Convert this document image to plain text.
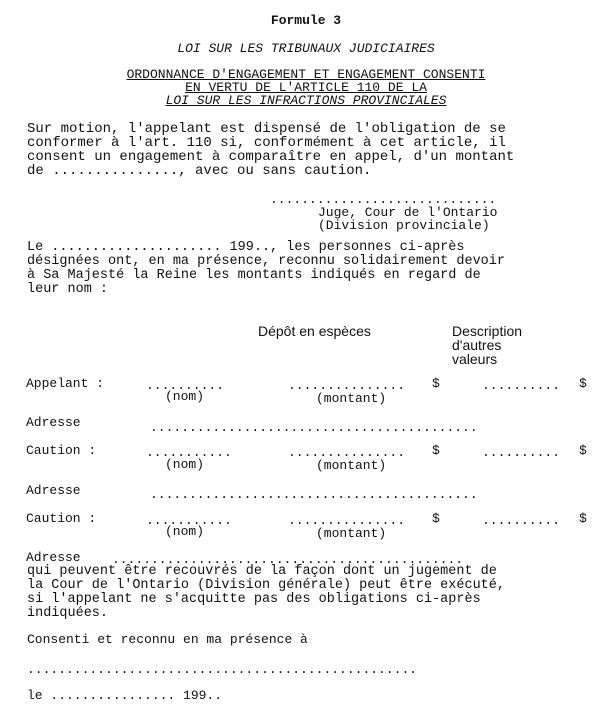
Formule 3
LOI SUR LES TRIBUNAUX JUDICIAIRES
ORDONNANCE D'ENGAGEMENT ET ENGAGEMENT CONSENTI
EN VERTU DE L'ARTICLE 110 DE LA
LOI SUR LES INFRACTIONS PROVINCIALES
Sur motion, l'appelant est dispensé de l'obligation de se
conformer à l'art. 110 si, conformément à cet article, il
consent un engagement à comparaître en appel, d'un montant
de ..............., avec ou sans caution.
.............................
Juge, Cour de l'Ontario
(Division provinciale)
Le ..................... 199.., les personnes ci-après
désignées ont, en ma présence, reconnu solidairement devoir
à Sa Majesté la Reine les montants indiqués en regard de
leur nom :
Dépôt en espèces	Description
d'autres
valeurs
Appelant :	..........	............... $	.......... $
(nom)	(montant)
Adresse	..........................................
Caution :	...........	............... $	.......... $
(nom)	(montant)
Adresse	..........................................
Caution :	...........	............... $	.......... $
(nom)	(montant)
Adresse .............................................
qui peuvent être recouvrés de la façon dont un jugement de
la Cour de l'Ontario (Division générale) peut être exécuté,
si l'appelant ne s'acquitte pas des obligations ci-après
indiquées.
Consenti et reconnu en ma présence à
..................................................
le ................ 199..
